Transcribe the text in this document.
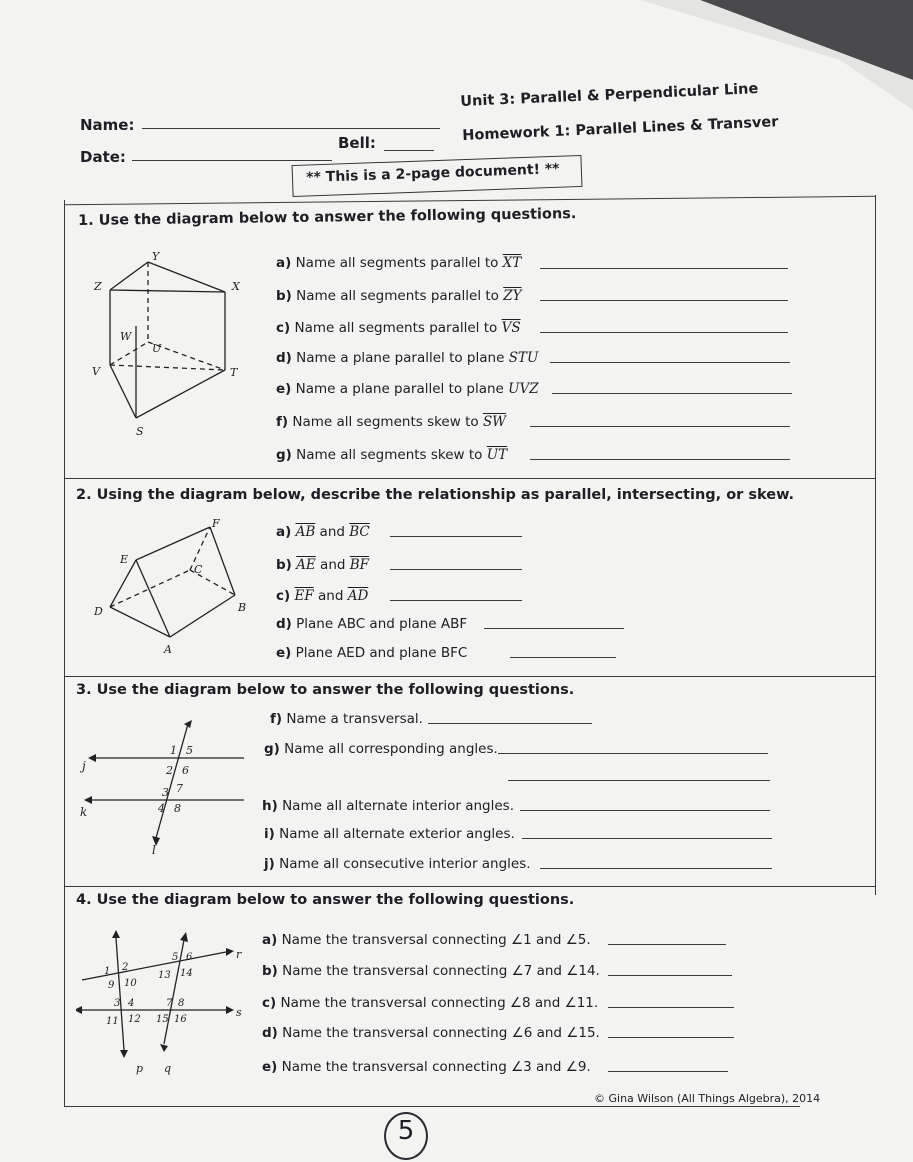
Name:
Date:
Bell:
Unit 3: Parallel & Perpendicular Line
Homework 1: Parallel Lines & Transver
** This is a 2-page document! **
1. Use the diagram below to answer the following questions.
Y
Z	X
W
U
V	T
S
a) Name all segments parallel to $\overline{XT}$
b) Name all segments parallel to $\overline{ZY}$
c) Name all segments parallel to $\overline{VS}$
d) Name a plane parallel to plane STU
e) Name a plane parallel to plane UVZ
f) Name all segments skew to $\overline{SW}$
g) Name all segments skew to $\overline{UT}$
2. Using the diagram below, describe the relationship as parallel, intersecting, or skew.
F
E
C
D	B
A
a) $\overline{AB}$ and $\overline{BC}$
b) $\overline{AE}$ and $\overline{BF}$
c) $\overline{EF}$ and $\overline{AD}$
d) Plane ABC and plane ABF
e) Plane AED and plane BFC
3. Use the diagram below to answer the following questions.
j
k
l
1 5
2 6
3 7
4 8
f) Name a transversal.
g) Name all corresponding angles.
h) Name all alternate interior angles.
i) Name all alternate exterior angles.
j) Name all consecutive interior angles.
4. Use the diagram below to answer the following questions.
r
s
p q
1 2
5 6
9 10
13 14
3 4	7 8
11 12 15 16
a) Name the transversal connecting ∠1 and ∠5.
b) Name the transversal connecting ∠7 and ∠14.
c) Name the transversal connecting ∠8 and ∠11.
d) Name the transversal connecting ∠6 and ∠15.
e) Name the transversal connecting ∠3 and ∠9.
© Gina Wilson (All Things Algebra), 2014
5
